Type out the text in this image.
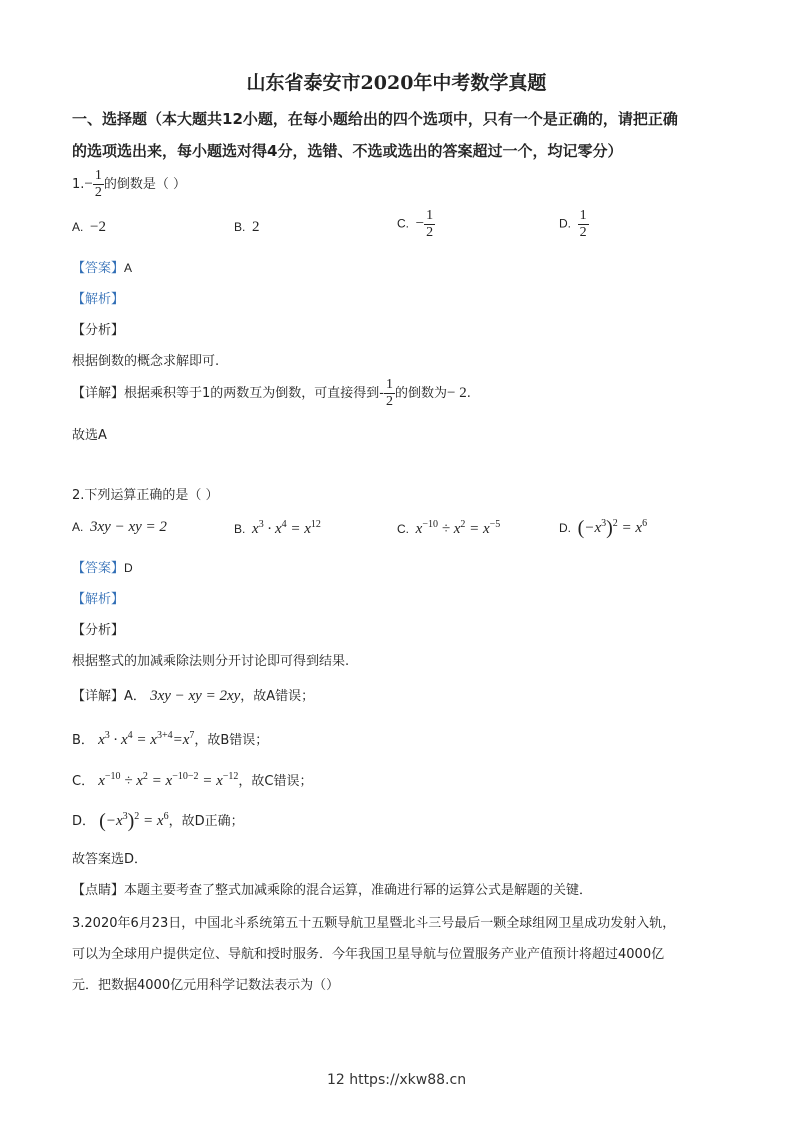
山东省泰安市2020年中考数学真题
一、选择题（本大题共12小题，在每小题给出的四个选项中，只有一个是正确的，请把正确
的选项选出来，每小题选对得4分，选错、不选或选出的答案超过一个，均记零分）
$1.- \frac{1}{2}$ 的倒数是（ ）
A. −2	B. 2	C. − $\frac{1}{2}$	D. $\frac{1}{2}$
【答案】A
【解析】
【分析】
根据倒数的概念求解即可.
【详解】根据乘积等于1的两数互为倒数，可直接得到- $\frac{1}{2}$ 的倒数为− 2.
故选A
2.下列运算正确的是（ ）
A. 3xy − xy = 2	B. $x^3 \cdot x^4 = x^{12}$	C. $x^{-10} \div x^2 = x^{-5}$	D. $(-x^3)^2 = x^6$
【答案】D
【解析】
【分析】
根据整式的加减乘除法则分开讨论即可得到结果.
【详解】A． 3xy − xy = 2xy，故A错误；
B． $x^3 \cdot x^4 = x^{3+4}=x^7$，故B错误；
C． $x^{-10} \div x^2 = x^{-10-2} = x^{-12}$，故C错误；
D． $(-x^3)^2 = x^6$，故D正确；
故答案选D．
【点睛】本题主要考查了整式加减乘除的混合运算，准确进行幂的运算公式是解题的关键．
3.2020年6月23日，中国北斗系统第五十五颗导航卫星暨北斗三号最后一颗全球组网卫星成功发射入轨，
可以为全球用户提供定位、导航和授时服务．今年我国卫星导航与位置服务产业产值预计将超过4000亿
元．把数据4000亿元用科学记数法表示为（）
12 https://xkw88.cn
